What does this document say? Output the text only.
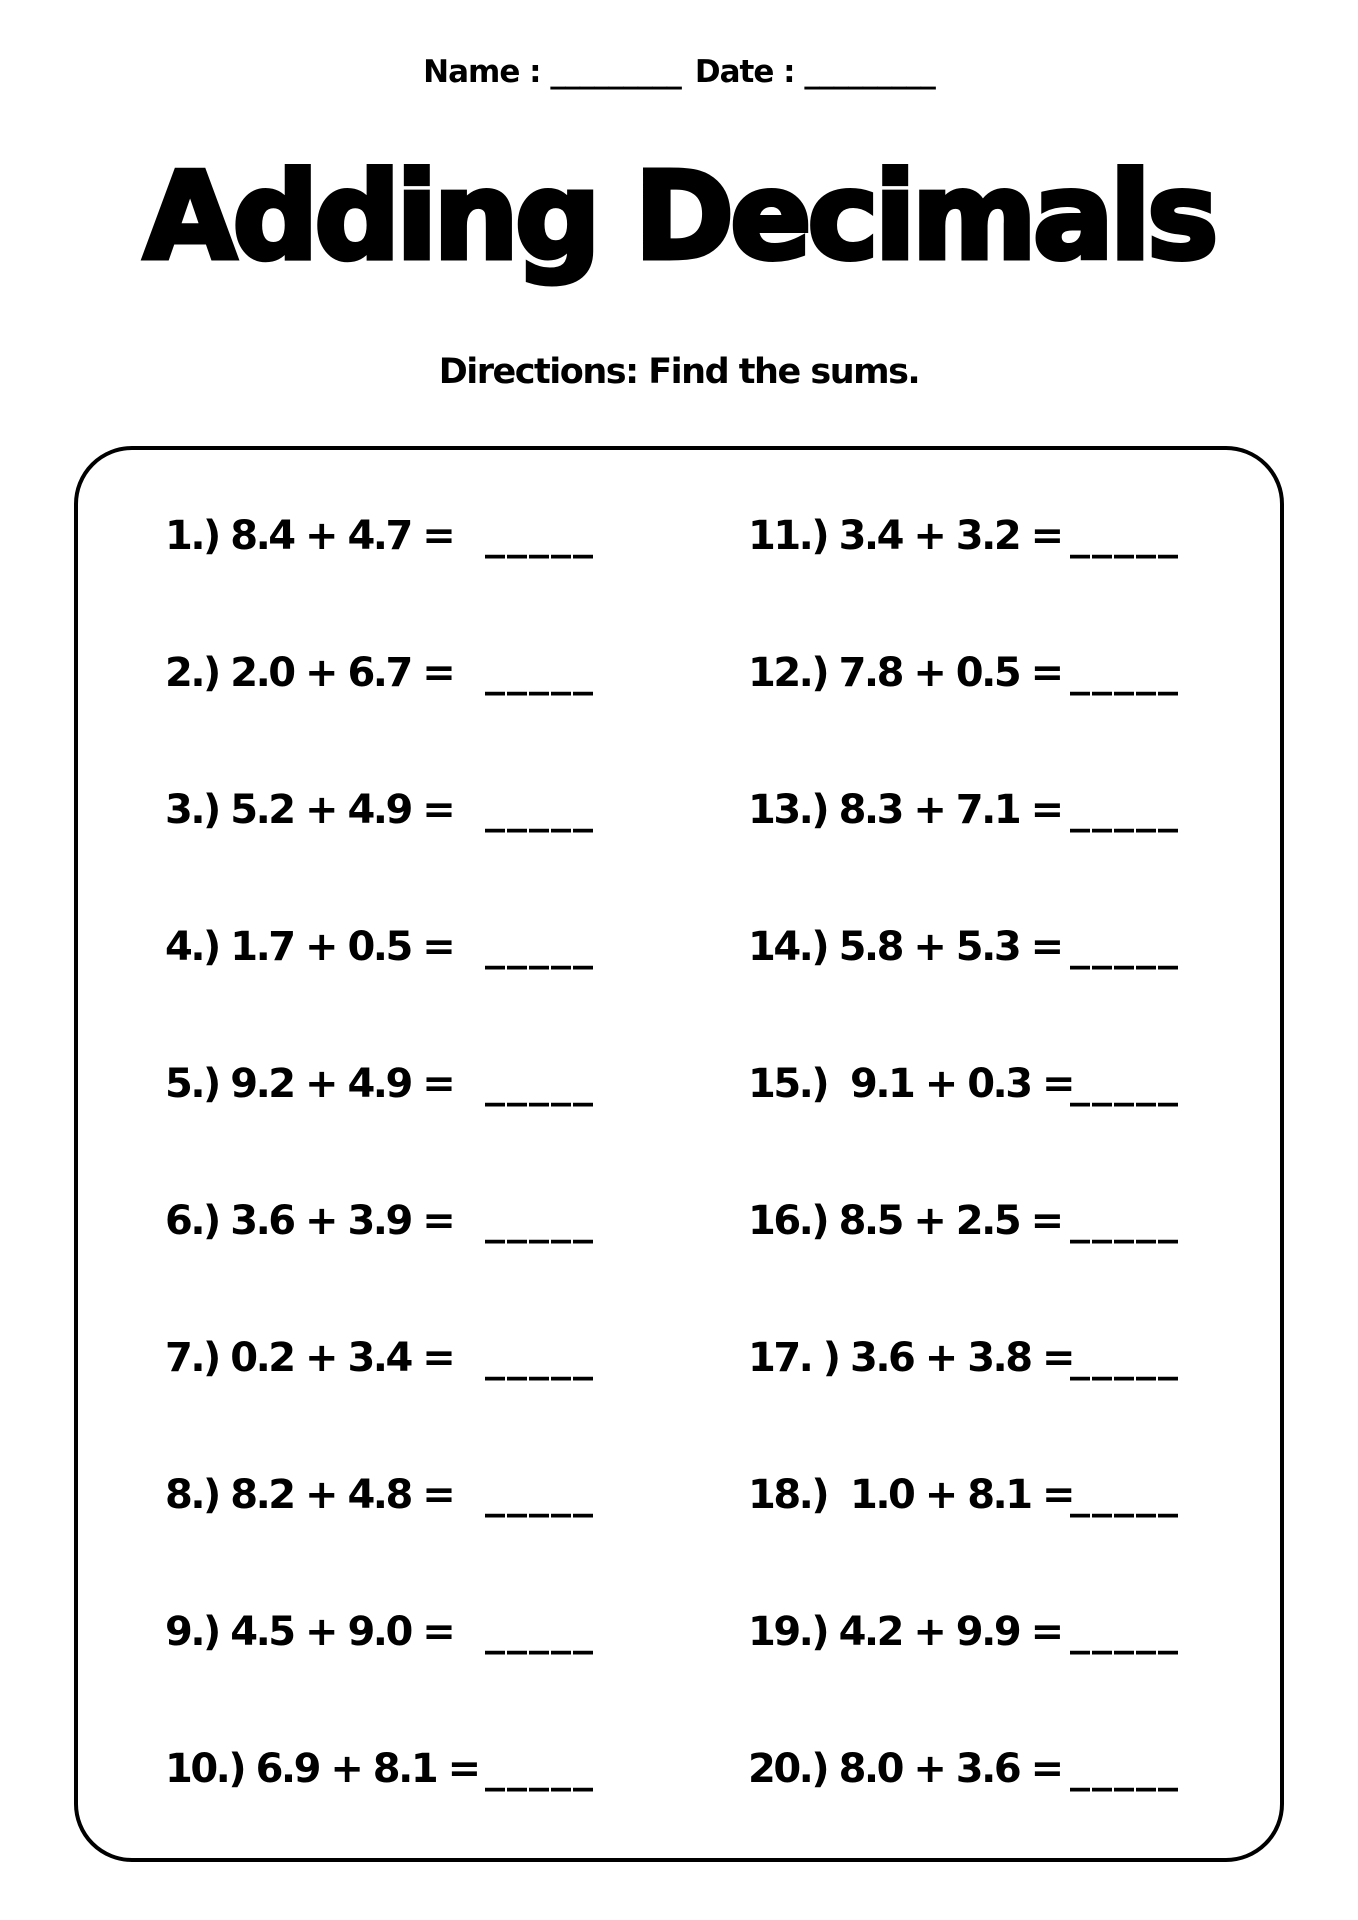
Name : _________ Date : _________
Adding Decimals
Directions: Find the sums.
1.) 8.4 + 4.7 = _____
2.) 2.0 + 6.7 = _____
3.) 5.2 + 4.9 = _____
4.) 1.7 + 0.5 = _____
5.) 9.2 + 4.9 = _____
6.) 3.6 + 3.9 = _____
7.) 0.2 + 3.4 = _____
8.) 8.2 + 4.8 = _____
9.) 4.5 + 9.0 = _____
10.) 6.9 + 8.1 = _____
11.) 3.4 + 3.2 = _____
12.) 7.8 + 0.5 = _____
13.) 8.3 + 7.1 = _____
14.) 5.8 + 5.3 = _____
15.)  9.1 + 0.3 =
_____
16.) 8.5 + 2.5 = _____
17. ) 3.6 + 3.8 =
_____
18.)  1.0 + 8.1 =
_____
19.) 4.2 + 9.9 = _____
20.) 8.0 + 3.6 = _____
